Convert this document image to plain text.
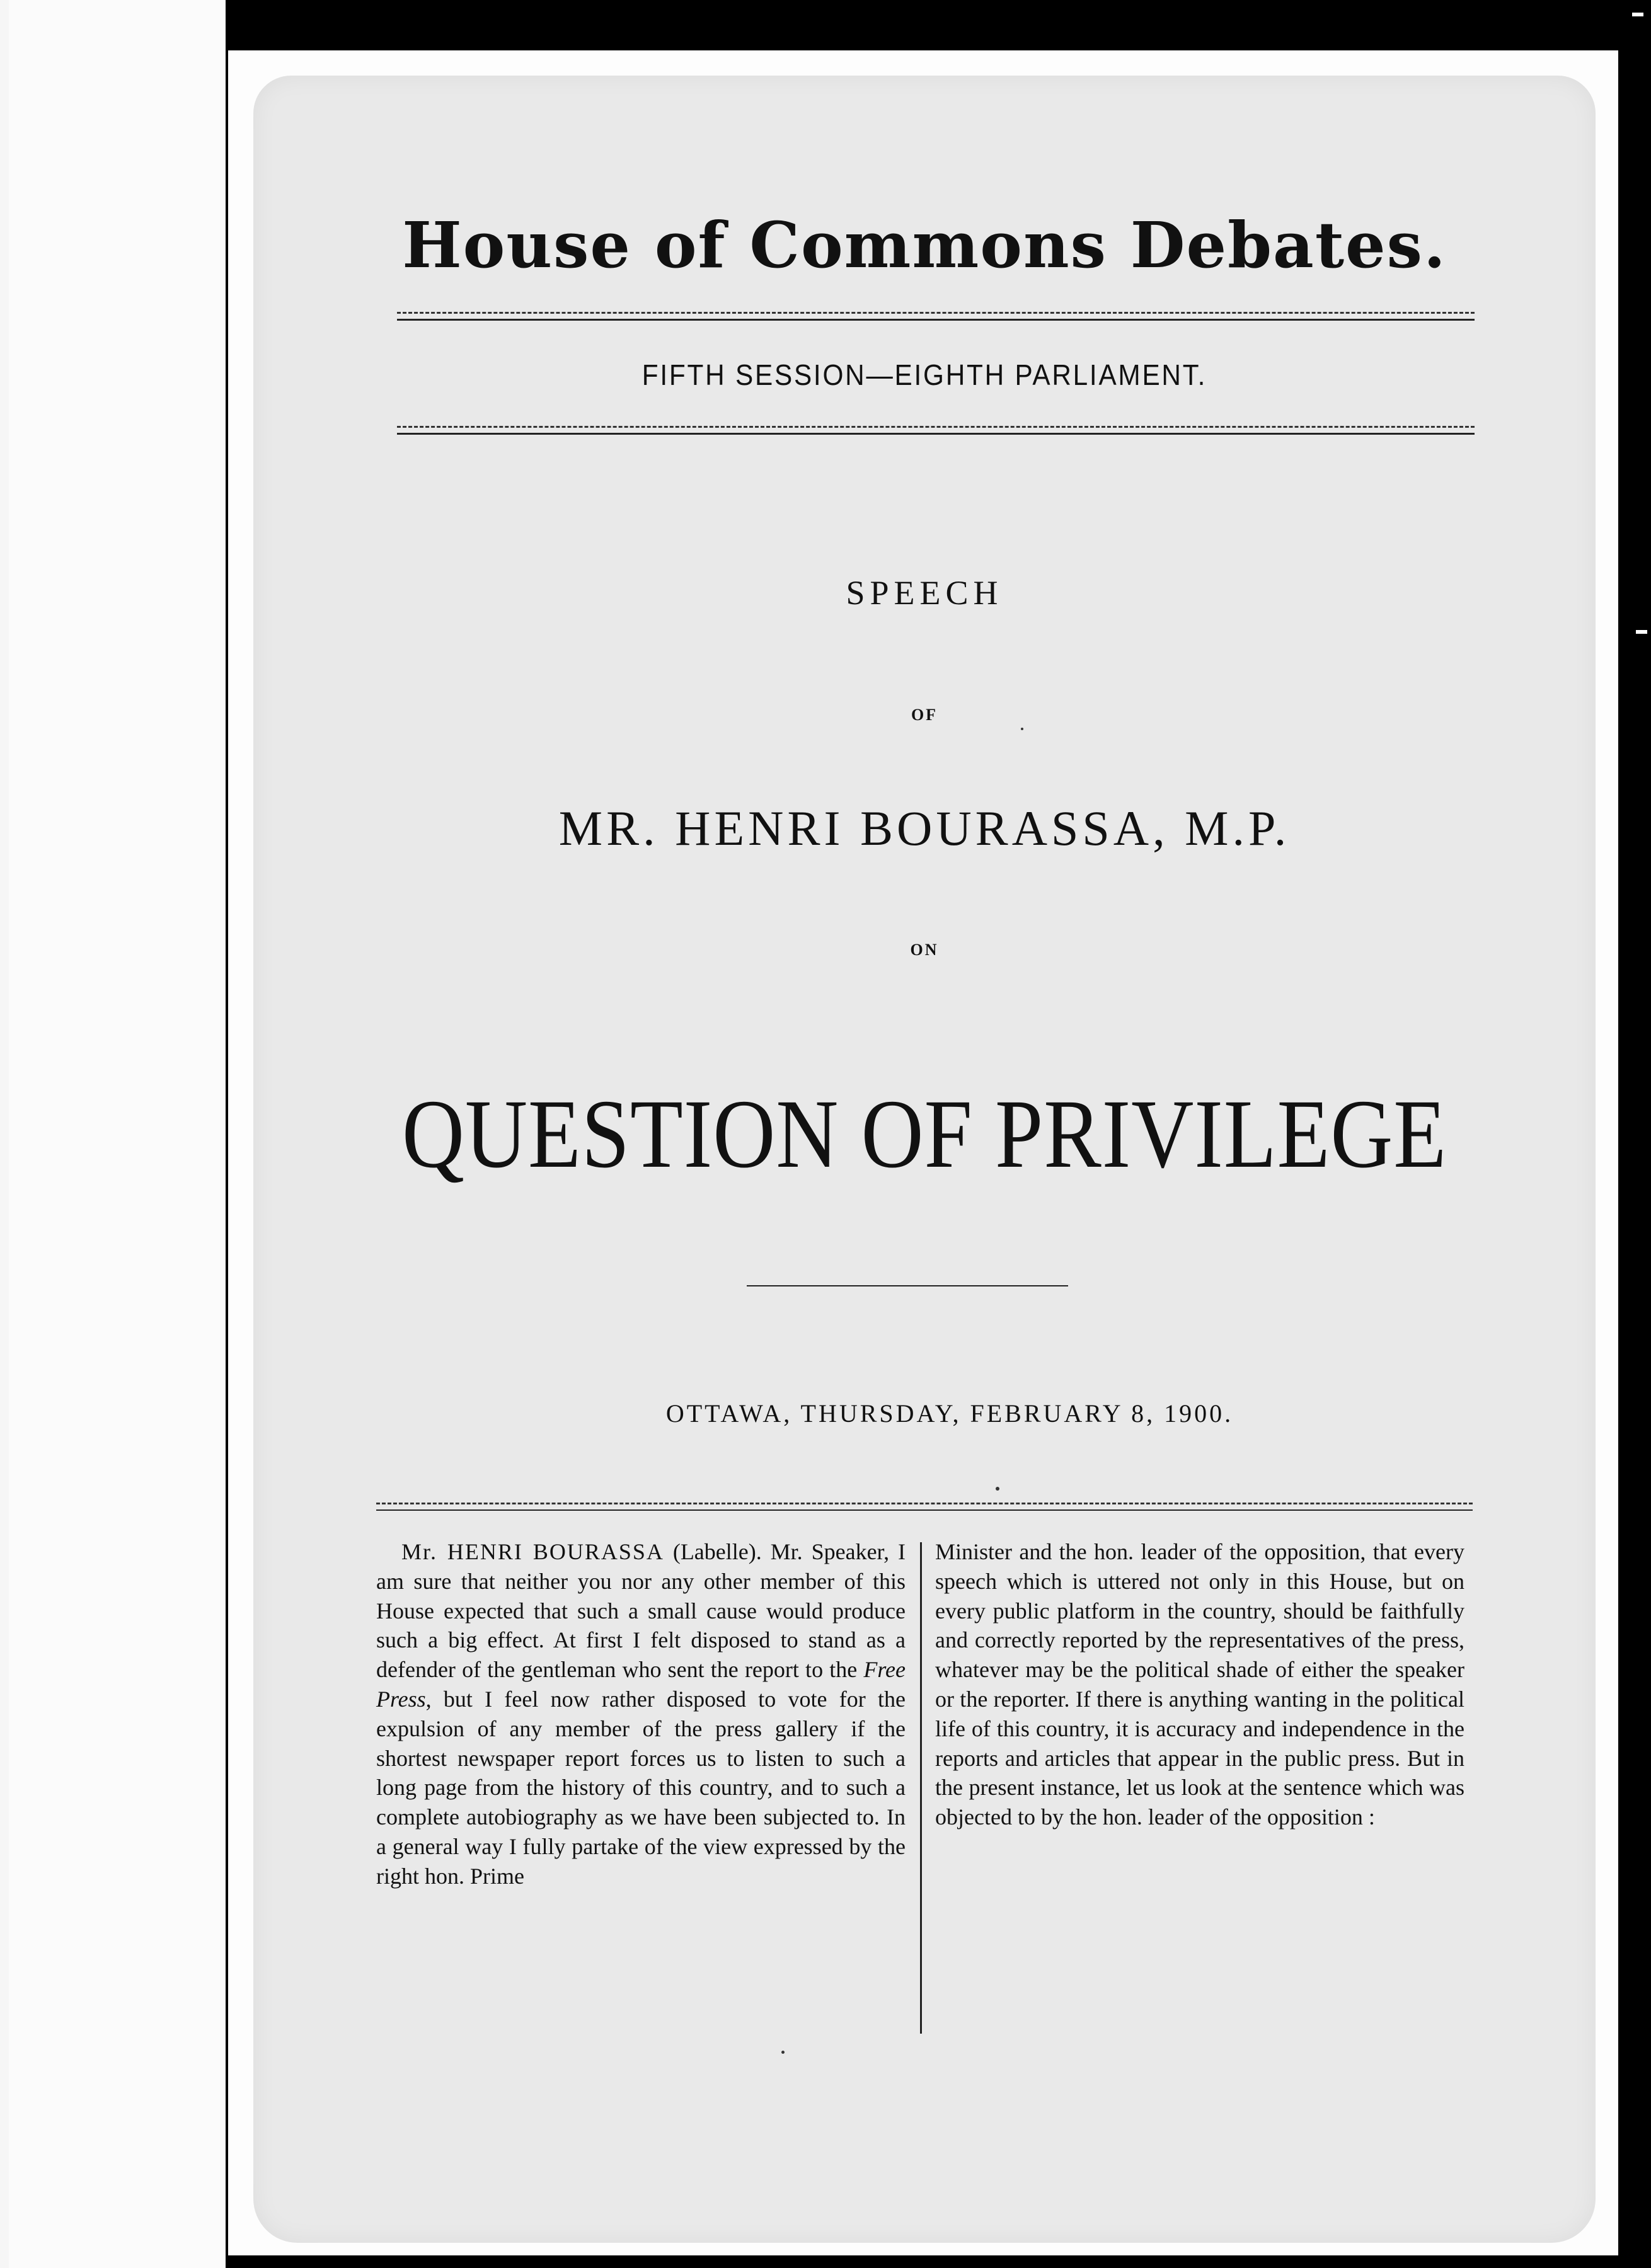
House of Commons Debates.
FIFTH SESSION—EIGHTH PARLIAMENT.
SPEECH
OF
MR. HENRI BOURASSA, M.P.
ON
QUESTION OF PRIVILEGE
OTTAWA, THURSDAY, FEBRUARY 8, 1900.
Mr. HENRI BOURASSA (Labelle). Mr. Speaker, I am sure that neither you nor any other member of this House expected that such a small cause would produce such a big effect. At first I felt disposed to stand as a defender of the gentleman who sent the report to the Free Press, but I feel now rather disposed to vote for the expulsion of any member of the press gallery if the shortest newspaper report forces us to listen to such a long page from the history of this country, and to such a complete autobiography as we have been subjected to. In a general way I fully partake of the view expressed by the right hon. Prime
Minister and the hon. leader of the opposition, that every speech which is uttered not only in this House, but on every public platform in the country, should be faithfully and correctly reported by the representatives of the press, whatever may be the political shade of either the speaker or the reporter. If there is anything wanting in the political life of this country, it is accuracy and independence in the reports and articles that appear in the public press. But in the present instance, let us look at the sentence which was objected to by the hon. leader of the opposition :
